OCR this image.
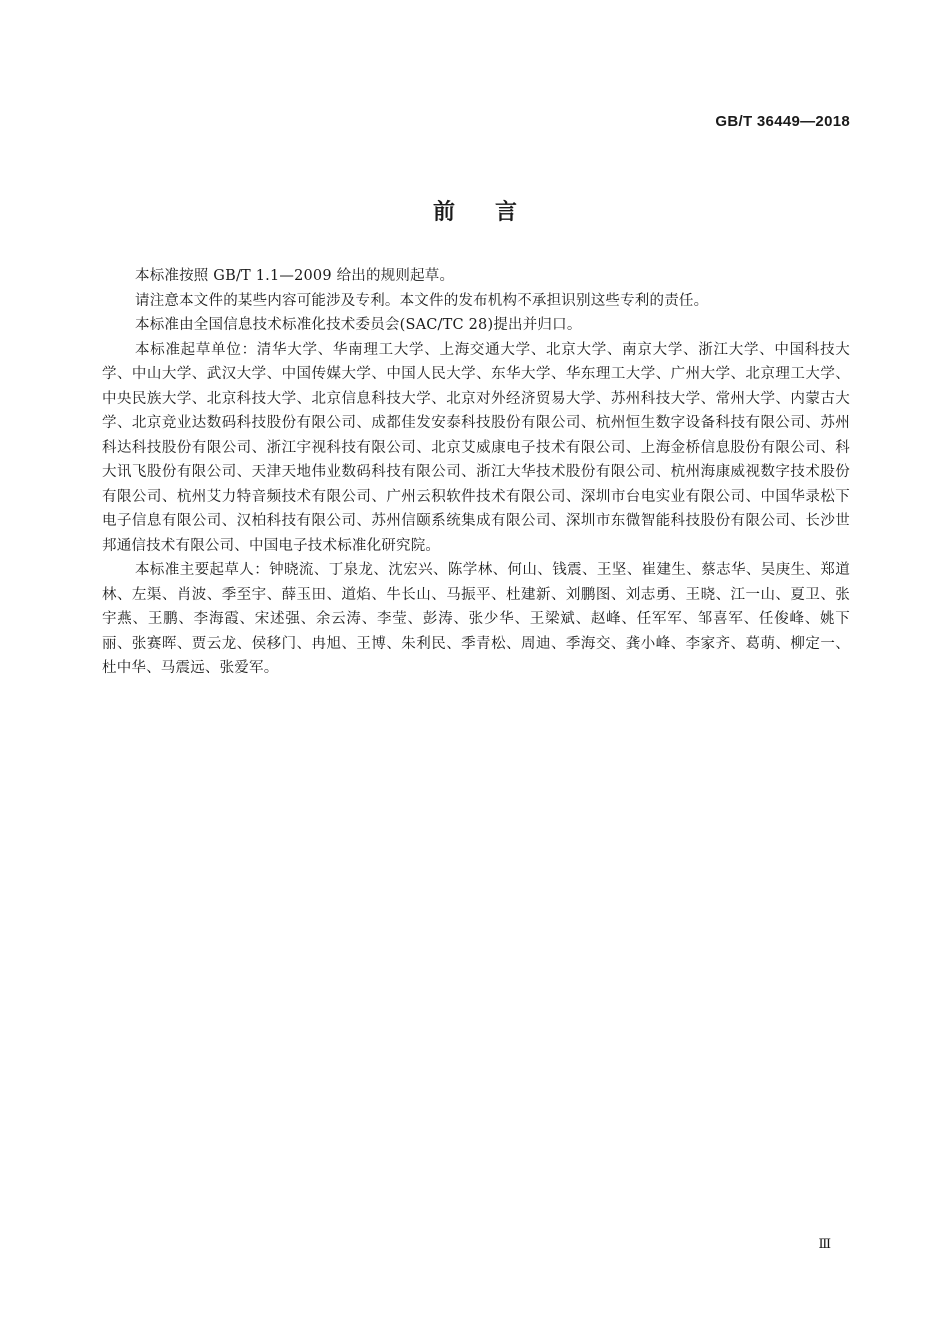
GB/T 36449—2018

前言

本标准按照 GB/T 1.1—2009 给出的规则起草。

请注意本文件的某些内容可能涉及专利。本文件的发布机构不承担识别这些专利的责任。

本标准由全国信息技术标准化技术委员会(SAC/TC 28)提出并归口。

本标准起草单位：清华大学、华南理工大学、上海交通大学、北京大学、南京大学、浙江大学、中国科技大学、中山大学、武汉大学、中国传媒大学、中国人民大学、东华大学、华东理工大学、广州大学、北京理工大学、中央民族大学、北京科技大学、北京信息科技大学、北京对外经济贸易大学、苏州科技大学、常州大学、内蒙古大学、北京竞业达数码科技股份有限公司、成都佳发安泰科技股份有限公司、杭州恒生数字设备科技有限公司、苏州科达科技股份有限公司、浙江宇视科技有限公司、北京艾威康电子技术有限公司、上海金桥信息股份有限公司、科大讯飞股份有限公司、天津天地伟业数码科技有限公司、浙江大华技术股份有限公司、杭州海康威视数字技术股份有限公司、杭州艾力特音频技术有限公司、广州云积软件技术有限公司、深圳市台电实业有限公司、中国华录松下电子信息有限公司、汉柏科技有限公司、苏州信颐系统集成有限公司、深圳市东微智能科技股份有限公司、长沙世邦通信技术有限公司、中国电子技术标准化研究院。

本标准主要起草人：钟晓流、丁泉龙、沈宏兴、陈学林、何山、钱震、王坚、崔建生、蔡志华、吴庚生、郑道林、左渠、肖波、季至宇、薛玉田、道焰、牛长山、马振平、杜建新、刘鹏图、刘志勇、王晓、江一山、夏卫、张宇燕、王鹏、李海霞、宋述强、余云涛、李莹、彭涛、张少华、王梁斌、赵峰、任军军、邹喜军、任俊峰、姚下丽、张赛晖、贾云龙、侯移门、冉旭、王博、朱利民、季青松、周迪、季海交、龚小峰、李家齐、葛萌、柳定一、杜中华、马震远、张爱军。

Ⅲ
